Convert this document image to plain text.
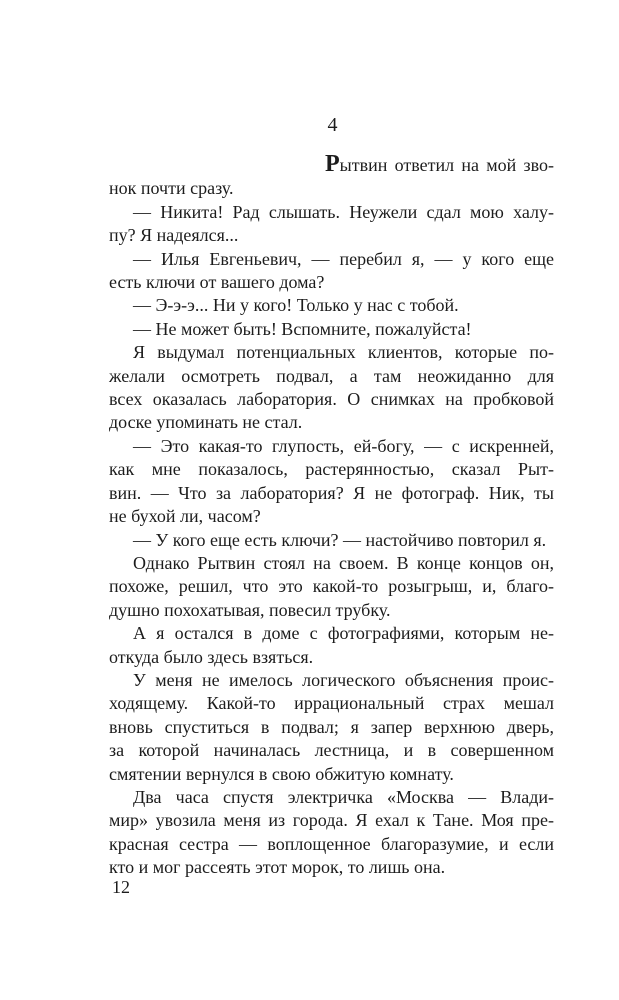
4
Рытвин ответил на мой зво-
нок почти сразу.
— Никита! Рад слышать. Неужели сдал мою халу-
пу? Я надеялся...
— Илья Евгеньевич, — перебил я, — у кого еще
есть ключи от вашего дома?
— Э-э-э... Ни у кого! Только у нас с тобой.
— Не может быть! Вспомните, пожалуйста!
Я выдумал потенциальных клиентов, которые по-
желали осмотреть подвал, а там неожиданно для
всех оказалась лаборатория. О снимках на пробковой
доске упоминать не стал.
— Это какая-то глупость, ей-богу, — с искренней,
как мне показалось, растерянностью, сказал Рыт-
вин. — Что за лаборатория? Я не фотограф. Ник, ты
не бухой ли, часом?
— У кого еще есть ключи? — настойчиво повторил я.
Однако Рытвин стоял на своем. В конце концов он,
похоже, решил, что это какой-то розыгрыш, и, благо-
душно похохатывая, повесил трубку.
А я остался в доме с фотографиями, которым не-
откуда было здесь взяться.
У меня не имелось логического объяснения проис-
ходящему. Какой-то иррациональный страх мешал
вновь спуститься в подвал; я запер верхнюю дверь,
за которой начиналась лестница, и в совершенном
смятении вернулся в свою обжитую комнату.
Два часа спустя электричка «Москва — Влади-
мир» увозила меня из города. Я ехал к Тане. Моя пре-
красная сестра — воплощенное благоразумие, и если
кто и мог рассеять этот морок, то лишь она.
12
